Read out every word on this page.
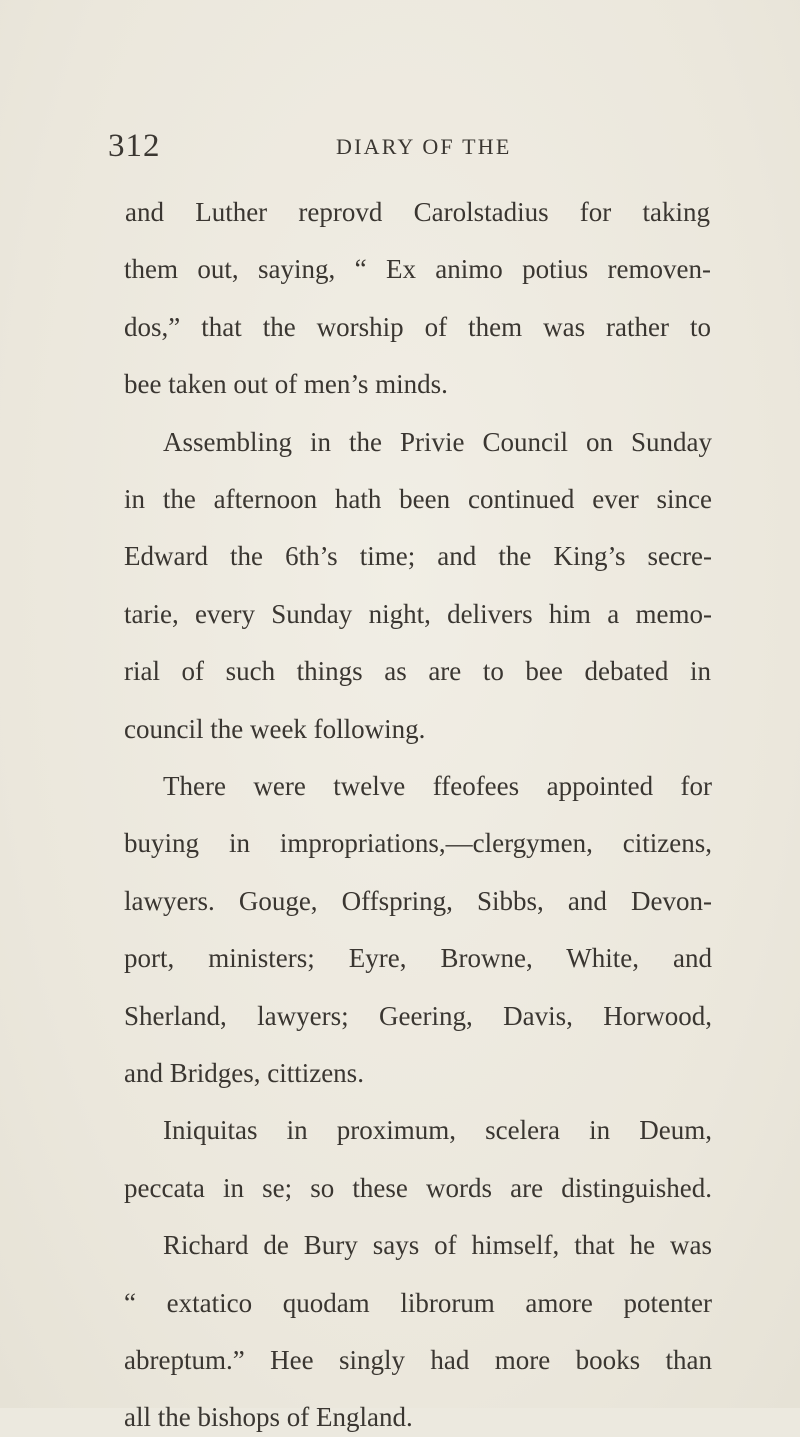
312	DIARY OF THE
and Luther reprovd Carolstadius for taking
them out, saying, “ Ex animo potius removen-
dos,” that the worship of them was rather to
bee taken out of men’s minds.
Assembling in the Privie Council on Sunday
in the afternoon hath been continued ever since
Edward the 6th’s time; and the King’s secre-
tarie, every Sunday night, delivers him a memo-
rial of such things as are to bee debated in
council the week following.
There were twelve ffeofees appointed for
buying in impropriations,—clergymen, citizens,
lawyers. Gouge, Offspring, Sibbs, and Devon-
port, ministers; Eyre, Browne, White, and
Sherland, lawyers; Geering, Davis, Horwood,
and Bridges, cittizens.
Iniquitas in proximum, scelera in Deum,
peccata in se; so these words are distinguished.
Richard de Bury says of himself, that he was
“ extatico quodam librorum amore potenter
abreptum.” Hee singly had more books than
all the bishops of England.
